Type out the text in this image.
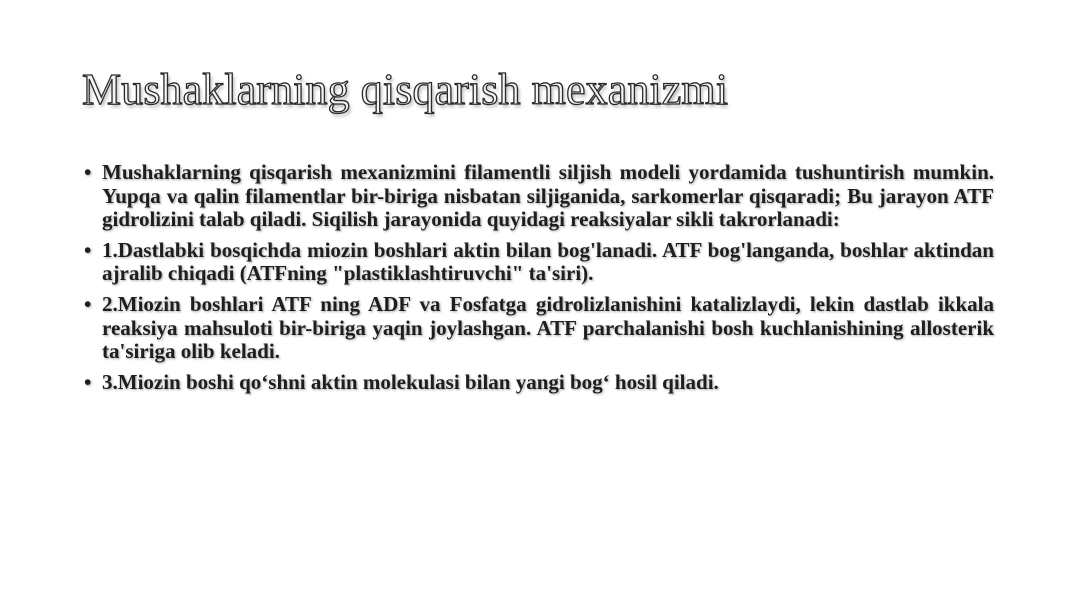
Mushaklarning qisqarish mexanizmi
• Mushaklarning qisqarish mexanizmini filamentli siljish modeli yordamida tushuntirish mumkin. Yupqa va qalin filamentlar bir-biriga nisbatan siljiganida, sarkomerlar qisqaradi; Bu jarayon ATF gidrolizini talab qiladi. Siqilish jarayonida quyidagi reaksiyalar sikli takrorlanadi:
• 1.Dastlabki bosqichda miozin boshlari aktin bilan bog'lanadi. ATF bog'langanda, boshlar aktindan ajralib chiqadi (ATFning "plastiklashtiruvchi" ta'siri).
• 2.Miozin boshlari ATF ning ADF va Fosfatga gidrolizlanishini katalizlaydi, lekin dastlab ikkala reaksiya mahsuloti bir-biriga yaqin joylashgan. ATF parchalanishi bosh kuchlanishining allosterik ta'siriga olib keladi.
• 3.Miozin boshi qo‘shni aktin molekulasi bilan yangi bog‘ hosil qiladi.
